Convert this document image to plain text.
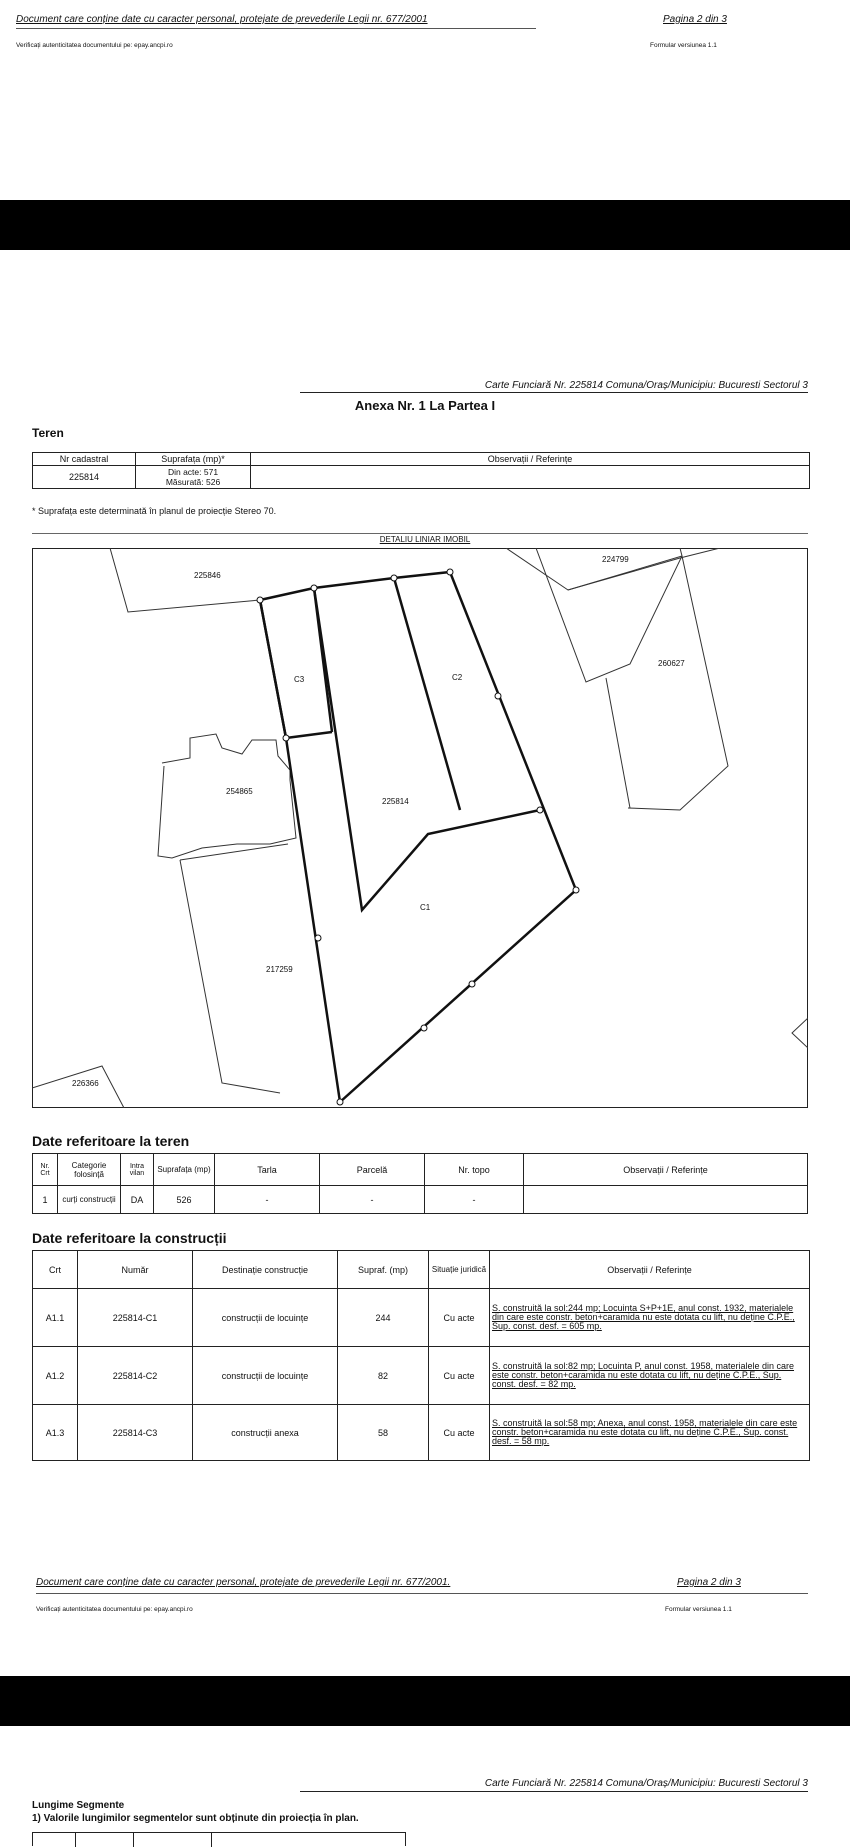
Document care conține date cu caracter personal, protejate de prevederile Legii nr. 677/2001	Pagina 2 din 3
Verificați autenticitatea documentului pe: epay.ancpi.ro	Formular versiunea 1.1
Carte Funciară Nr. 225814 Comuna/Oraș/Municipiu: Bucuresti Sectorul 3
Anexa Nr. 1 La Partea I
Teren
Nr cadastral	Suprafața (mp)*	Observații / Referințe
225814	Din acte: 571
Măsurată: 526	

* Suprafața este determinată în planul de proiecție Stereo 70.
DETALIU LINIAR IMOBIL
225846
224799
260627
254865
225814
217259
226366
C1
C2
C3
Date referitoare la teren
Nr. Crt	Categorie folosință	Intra vilan	Suprafața (mp)	Tarla	Parcelă	Nr. topo	Observații / Referințe
1	curți construcții	DA	526	-	-	-	
Date referitoare la construcții
Crt	Număr	Destinație construcție	Supraf. (mp)	Situație juridică	Observații / Referințe
A1.1	225814-C1	construcții de locuințe	244	Cu acte	S. construită la sol:244 mp; Locuinta S+P+1E, anul const. 1932, materialele din care este constr. beton+caramida nu este dotata cu lift, nu deține C.P.E., Sup. const. desf. = 605 mp.
A1.2	225814-C2	construcții de locuințe	82	Cu acte	S. construită la sol:82 mp; Locuinta P, anul const. 1958, materialele din care este constr. beton+caramida nu este dotata cu lift, nu deține C.P.E., Sup. const. desf. = 82 mp.
A1.3	225814-C3	construcții anexa	58	Cu acte	S. construită la sol:58 mp; Anexa, anul const. 1958, materialele din care este constr. beton+caramida nu este dotata cu lift, nu deține C.P.E., Sup. const. desf. = 58 mp.
Document care conține date cu caracter personal, protejate de prevederile Legii nr. 677/2001.	Pagina 2 din 3
Verificați autenticitatea documentului pe: epay.ancpi.ro	Formular versiunea 1.1
Carte Funciară Nr. 225814 Comuna/Oraș/Municipiu: Bucuresti Sectorul 3
Lungime Segmente
1) Valorile lungimilor segmentelor sunt obținute din proiecția în plan.
